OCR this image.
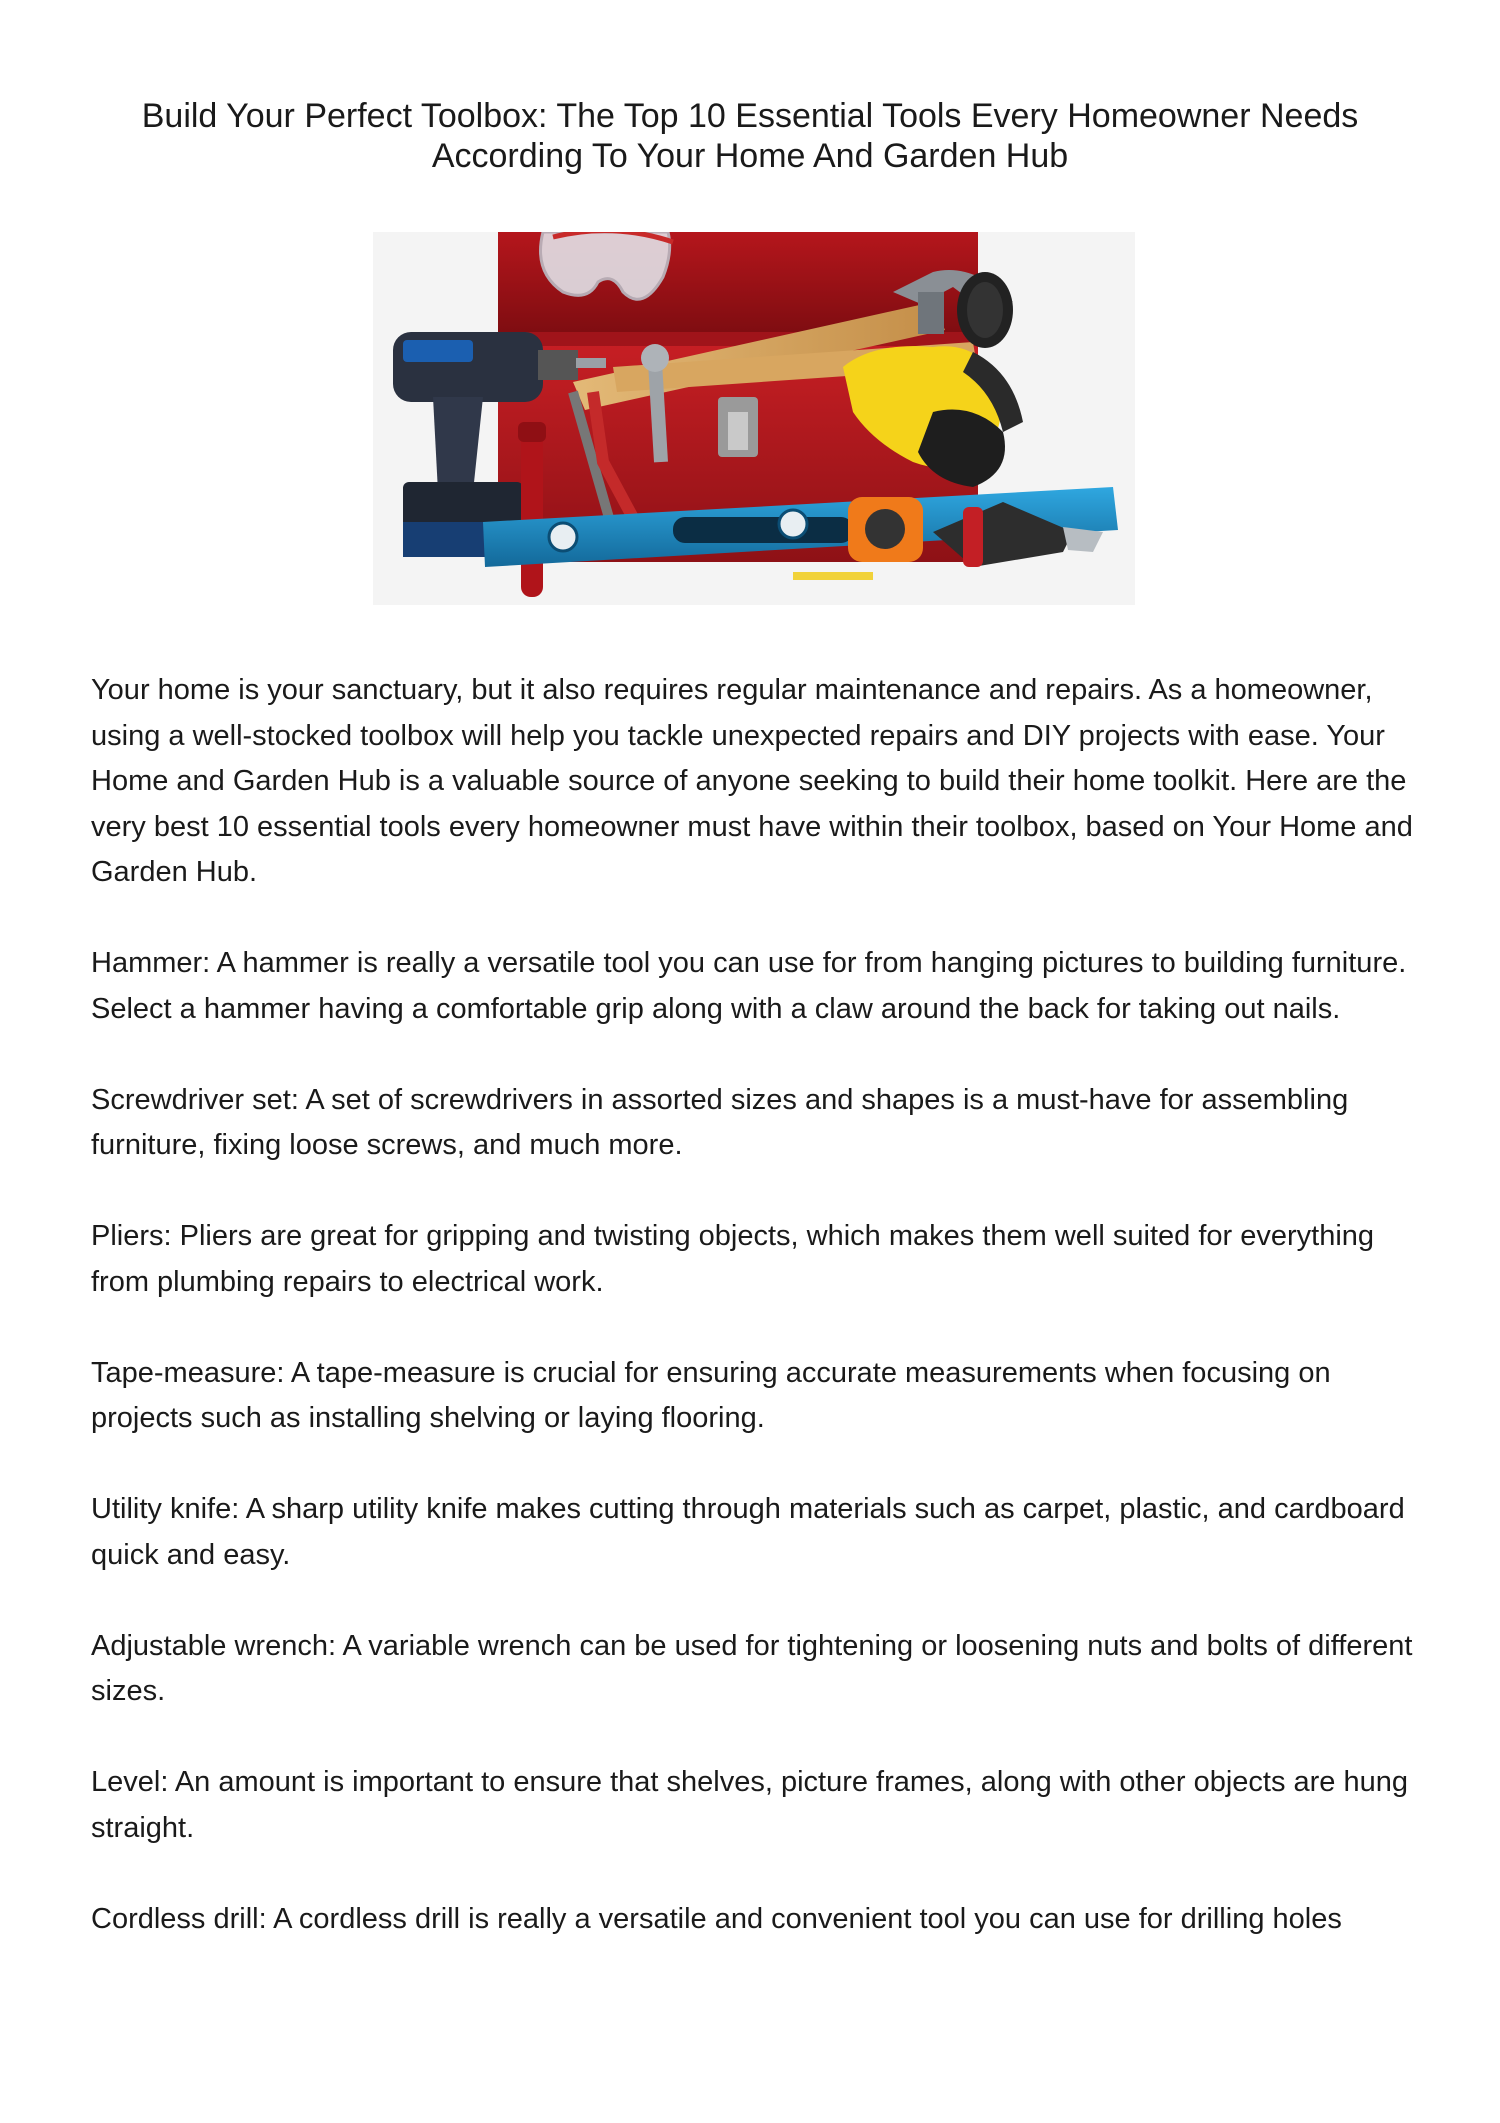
Build Your Perfect Toolbox: The Top 10 Essential Tools Every Homeowner Needs According To Your Home And Garden Hub

Your home is your sanctuary, but it also requires regular maintenance and repairs. As a homeowner, using a well-stocked toolbox will help you tackle unexpected repairs and DIY projects with ease. Your Home and Garden Hub is a valuable source of anyone seeking to build their home toolkit. Here are the very best 10 essential tools every homeowner must have within their toolbox, based on Your Home and Garden Hub.

Hammer: A hammer is really a versatile tool you can use for from hanging pictures to building furniture. Select a hammer having a comfortable grip along with a claw around the back for taking out nails.

Screwdriver set: A set of screwdrivers in assorted sizes and shapes is a must-have for assembling furniture, fixing loose screws, and much more.

Pliers: Pliers are great for gripping and twisting objects, which makes them well suited for everything from plumbing repairs to electrical work.

Tape-measure: A tape-measure is crucial for ensuring accurate measurements when focusing on projects such as installing shelving or laying flooring.

Utility knife: A sharp utility knife makes cutting through materials such as carpet, plastic, and cardboard quick and easy.

Adjustable wrench: A variable wrench can be used for tightening or loosening nuts and bolts of different sizes.

Level: An amount is important to ensure that shelves, picture frames, along with other objects are hung straight.

Cordless drill: A cordless drill is really a versatile and convenient tool you can use for drilling holes
